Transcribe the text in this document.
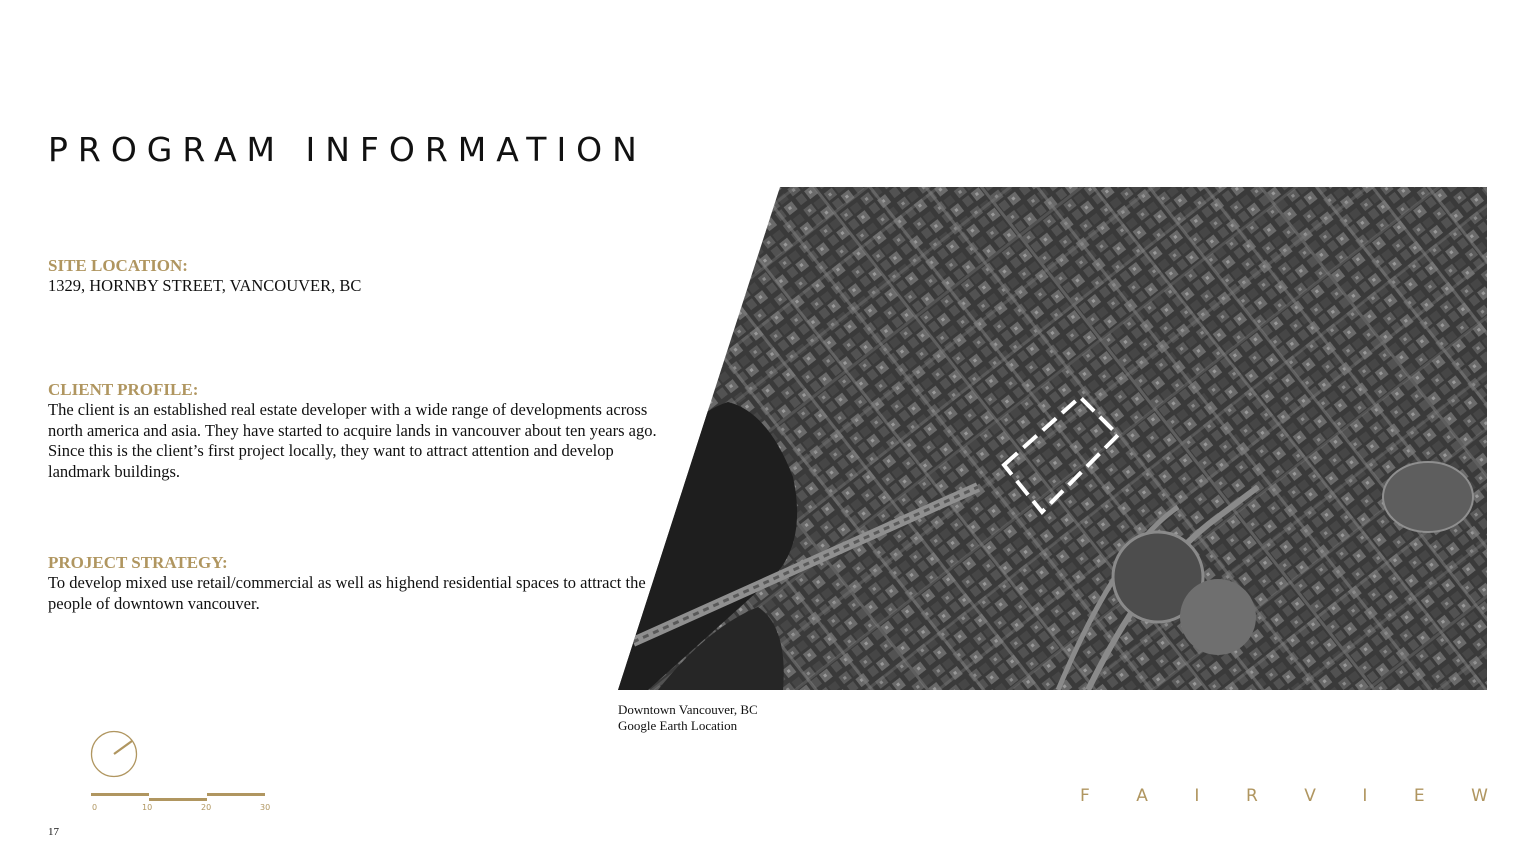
PROGRAM INFORMATION
SITE LOCATION:

1329, HORNBY STREET, VANCOUVER, BC

CLIENT PROFILE:

The client is an established real estate developer with a wide range of developments across north america and asia. They have started to acquire lands in vancouver about ten years ago. Since this is the client’s first project locally, they want to attract attention and develop landmark buildings.

PROJECT STRATEGY:

To develop mixed use retail/commercial as well as highend residential spaces to attract the people of downtown vancouver.

Downtown Vancouver, BC
Google Earth Location
0	10	20	30
F	A	I	R	V	I	E	W
17
